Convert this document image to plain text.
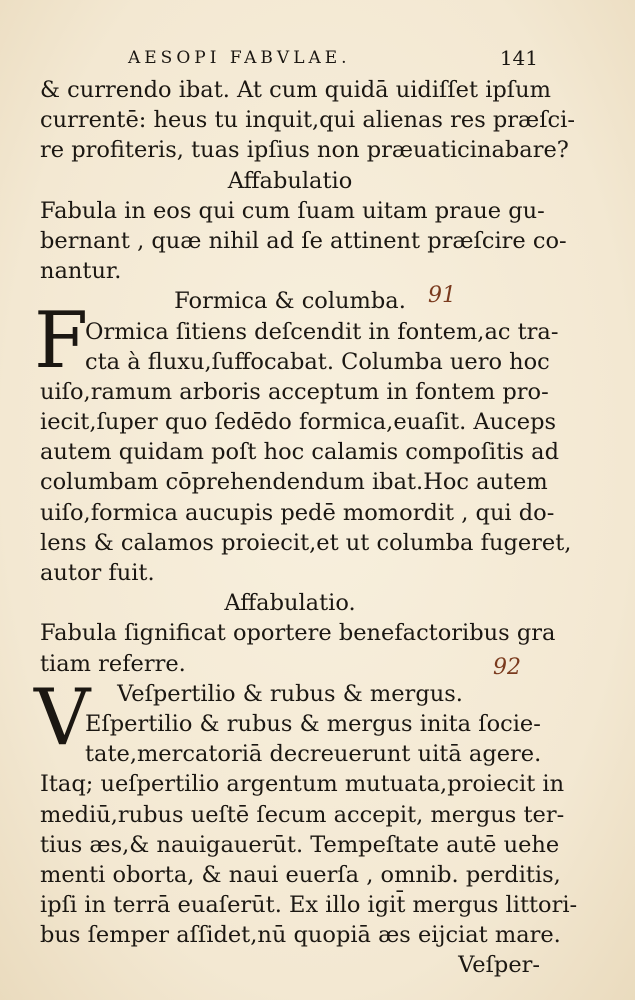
AESOPI FABVLAE.	141
& currendo ibat. At cum quidā uidiſſet ipſum
currentē: heus tu inquit,qui alienas res præſci-
re profiteris, tuas ipſius non præuaticinabare?
Affabulatio
Fabula in eos qui cum ſuam uitam praue gu-
bernant , quæ nihil ad ſe attinent præſcire co-
nantur.
Formica & columba.
Ormica ſitiens deſcendit in fontem,ac tra-
cta à fluxu,ſuffocabat. Columba uero hoc
uiſo,ramum arboris acceptum in fontem pro-
iecit,ſuper quo ſedēdo formica,euaſit. Auceps
autem quidam poſt hoc calamis compoſitis ad
columbam cōprehendendum ibat.Hoc autem
uiſo,formica aucupis pedē momordit , qui do-
lens & calamos proiecit,et ut columba fugeret,
autor fuit.
Affabulatio.
Fabula ſignificat oportere benefactoribus gra
tiam referre.
Veſpertilio & rubus & mergus.
Eſpertilio & rubus & mergus inita ſocie-
tate,mercatoriā decreuerunt uitā agere.
Itaq; ueſpertilio argentum mutuata,proiecit in
mediū,rubus ueſtē ſecum accepit, mergus ter-
tius æs,& nauigauerūt. Tempeſtate autē uehe
menti oborta, & naui euerſa , omnib. perditis,
ipſi in terrā euaſerūt. Ex illo igit̄ mergus littori-
bus ſemper aſſidet,nū quopiā æs eijciat mare.
Veſper-
F
V
91
92
